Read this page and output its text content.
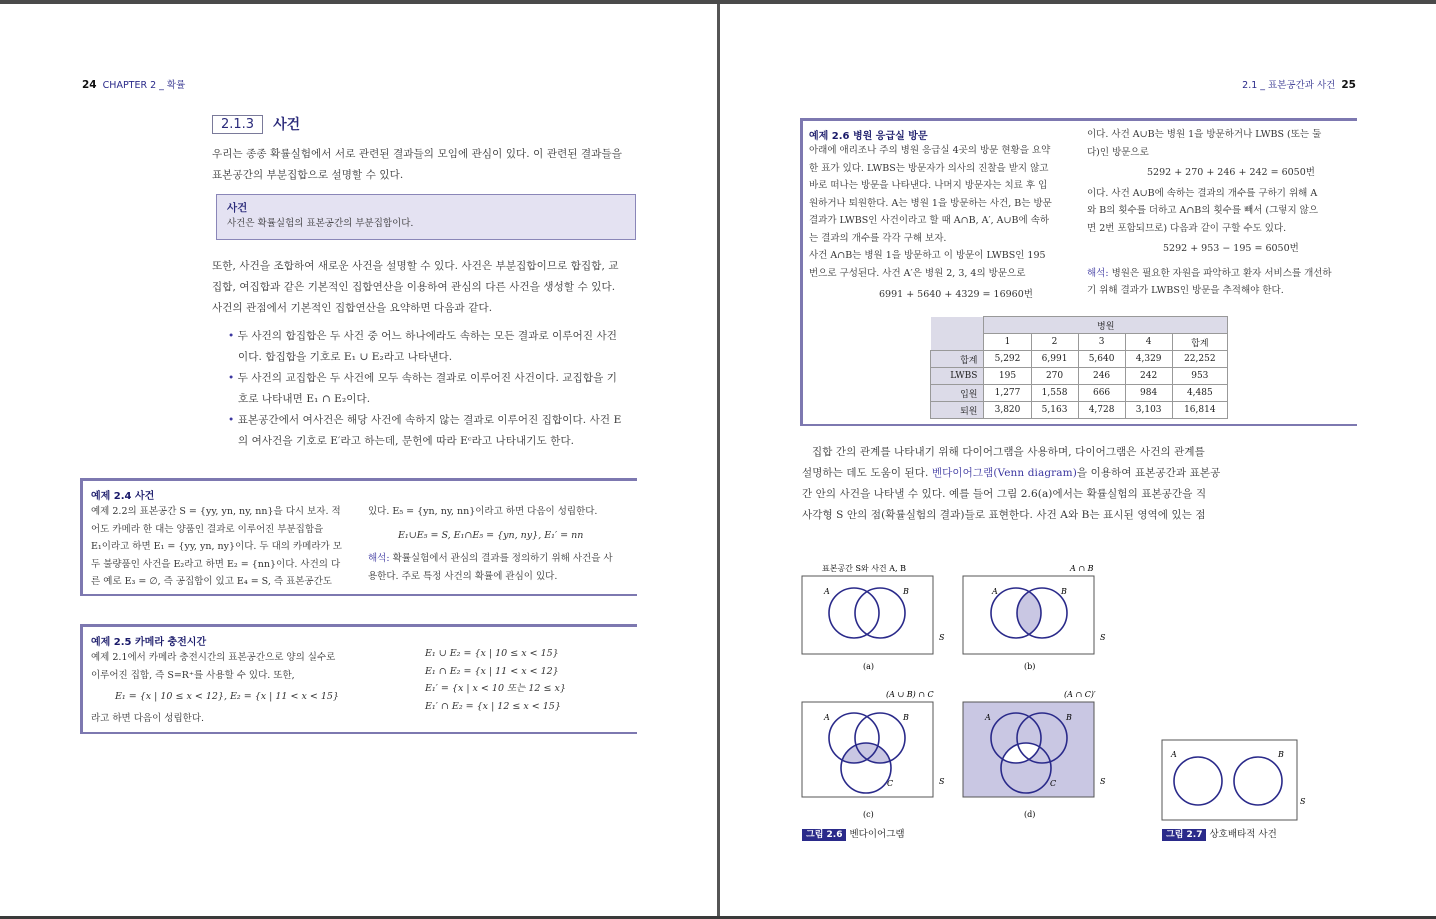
24 CHAPTER 2 _ 확률
2.1.3	사건
우리는 종종 확률실험에서 서로 관련된 결과들의 모임에 관심이 있다. 이 관련된 결과들을
표본공간의 부분집합으로 설명할 수 있다.
사건
사건은 확률실험의 표본공간의 부분집합이다.
또한, 사건을 조합하여 새로운 사건을 설명할 수 있다. 사건은 부분집합이므로 합집합, 교
집합, 여집합과 같은 기본적인 집합연산을 이용하여 관심의 다른 사건을 생성할 수 있다.
사건의 관점에서 기본적인 집합연산을 요약하면 다음과 같다.
• 두 사건의 합집합은 두 사건 중 어느 하나에라도 속하는 모든 결과로 이루어진 사건
이다. 합집합을 기호로 E₁ ∪ E₂라고 나타낸다.
• 두 사건의 교집합은 두 사건에 모두 속하는 결과로 이루어진 사건이다. 교집합을 기
호로 나타내면 E₁ ∩ E₂이다.
• 표본공간에서 여사건은 해당 사건에 속하지 않는 결과로 이루어진 집합이다. 사건 E
의 여사건을 기호로 E′라고 하는데, 문헌에 따라 Eᶜ라고 나타내기도 한다.
예제 2.4 사건
예제 2.2의 표본공간 S = {yy, yn, ny, nn}을 다시 보자. 적
어도 카메라 한 대는 양품인 결과로 이루어진 부분집합을
E₁이라고 하면 E₁ = {yy, yn, ny}이다. 두 대의 카메라가 모
두 불량품인 사건을 E₂라고 하면 E₂ = {nn}이다. 사건의 다
른 예로 E₃ = ∅, 즉 공집합이 있고 E₄ = S, 즉 표본공간도
있다. E₅ = {yn, ny, nn}이라고 하면 다음이 성립한다.
E₁∪E₅ = S, E₁∩E₅ = {yn, ny}, E₁′ = nn
해석: 확률실험에서 관심의 결과를 정의하기 위해 사건을 사
용한다. 주로 특정 사건의 확률에 관심이 있다.
예제 2.5 카메라 충전시간
예제 2.1에서 카메라 충전시간의 표본공간으로 양의 실수로
이루어진 집합, 즉 S=R⁺를 사용할 수 있다. 또한,
E₁ = {x | 10 ≤ x < 12}, E₂ = {x | 11 < x < 15}
라고 하면 다음이 성립한다.
E₁ ∪ E₂ = {x | 10 ≤ x < 15}
E₁ ∩ E₂ = {x | 11 < x < 12}
E₁′ = {x | x < 10 또는 12 ≤ x}
E₁′ ∩ E₂ = {x | 12 ≤ x < 15}
2.1 _ 표본공간과 사건 25
예제 2.6 병원 응급실 방문
아래에 애리조나 주의 병원 응급실 4곳의 방문 현황을 요약
한 표가 있다. LWBS는 방문자가 의사의 진찰을 받지 않고
바로 떠나는 방문을 나타낸다. 나머지 방문자는 치료 후 입
원하거나 퇴원한다. A는 병원 1을 방문하는 사건, B는 방문
결과가 LWBS인 사건이라고 할 때 A∩B, A′, A∪B에 속하
는 결과의 개수를 각각 구해 보자.
사건 A∩B는 병원 1을 방문하고 이 방문이 LWBS인 195
번으로 구성된다. 사건 A′은 병원 2, 3, 4의 방문으로
6991 + 5640 + 4329 = 16960번
이다. 사건 A∪B는 병원 1을 방문하거나 LWBS (또는 둘
다)인 방문으로
5292 + 270 + 246 + 242 = 6050번
이다. 사건 A∪B에 속하는 결과의 개수를 구하기 위해 A
와 B의 횟수를 더하고 A∩B의 횟수를 빼서 (그렇지 않으
면 2번 포함되므로) 다음과 같이 구할 수도 있다.
5292 + 953 − 195 = 6050번
해석: 병원은 필요한 자원을 파악하고 환자 서비스를 개선하
기 위해 결과가 LWBS인 방문을 추적해야 한다.
	병원				
	1	2	3	4	합계
합계	5,292	6,991	5,640	4,329	22,252
LWBS	195	270	246	242	953
입원	1,277	1,558	666	984	4,485
퇴원	3,820	5,163	4,728	3,103	16,814
집합 간의 관계를 나타내기 위해 다이어그램을 사용하며, 다이어그램은 사건의 관계를
설명하는 데도 도움이 된다. 벤다이어그램(Venn diagram)을 이용하여 표본공간과 표본공
간 안의 사건을 나타낼 수 있다. 예를 들어 그림 2.6(a)에서는 확률실험의 표본공간을 직
사각형 S 안의 점(확률실험의 결과)들로 표현한다. 사건 A와 B는 표시된 영역에 있는 점
표본공간 S와 사건 A, B
A	B
S
(a)
A ∩ B
A	B
S
(b)
(A ∪ B) ∩ C
A	B
C	S
(c)
(A ∩ C)′
A	B
C	S
(d)
A	B
S
그림 2.6 벤다이어그램	그림 2.7 상호배타적 사건
